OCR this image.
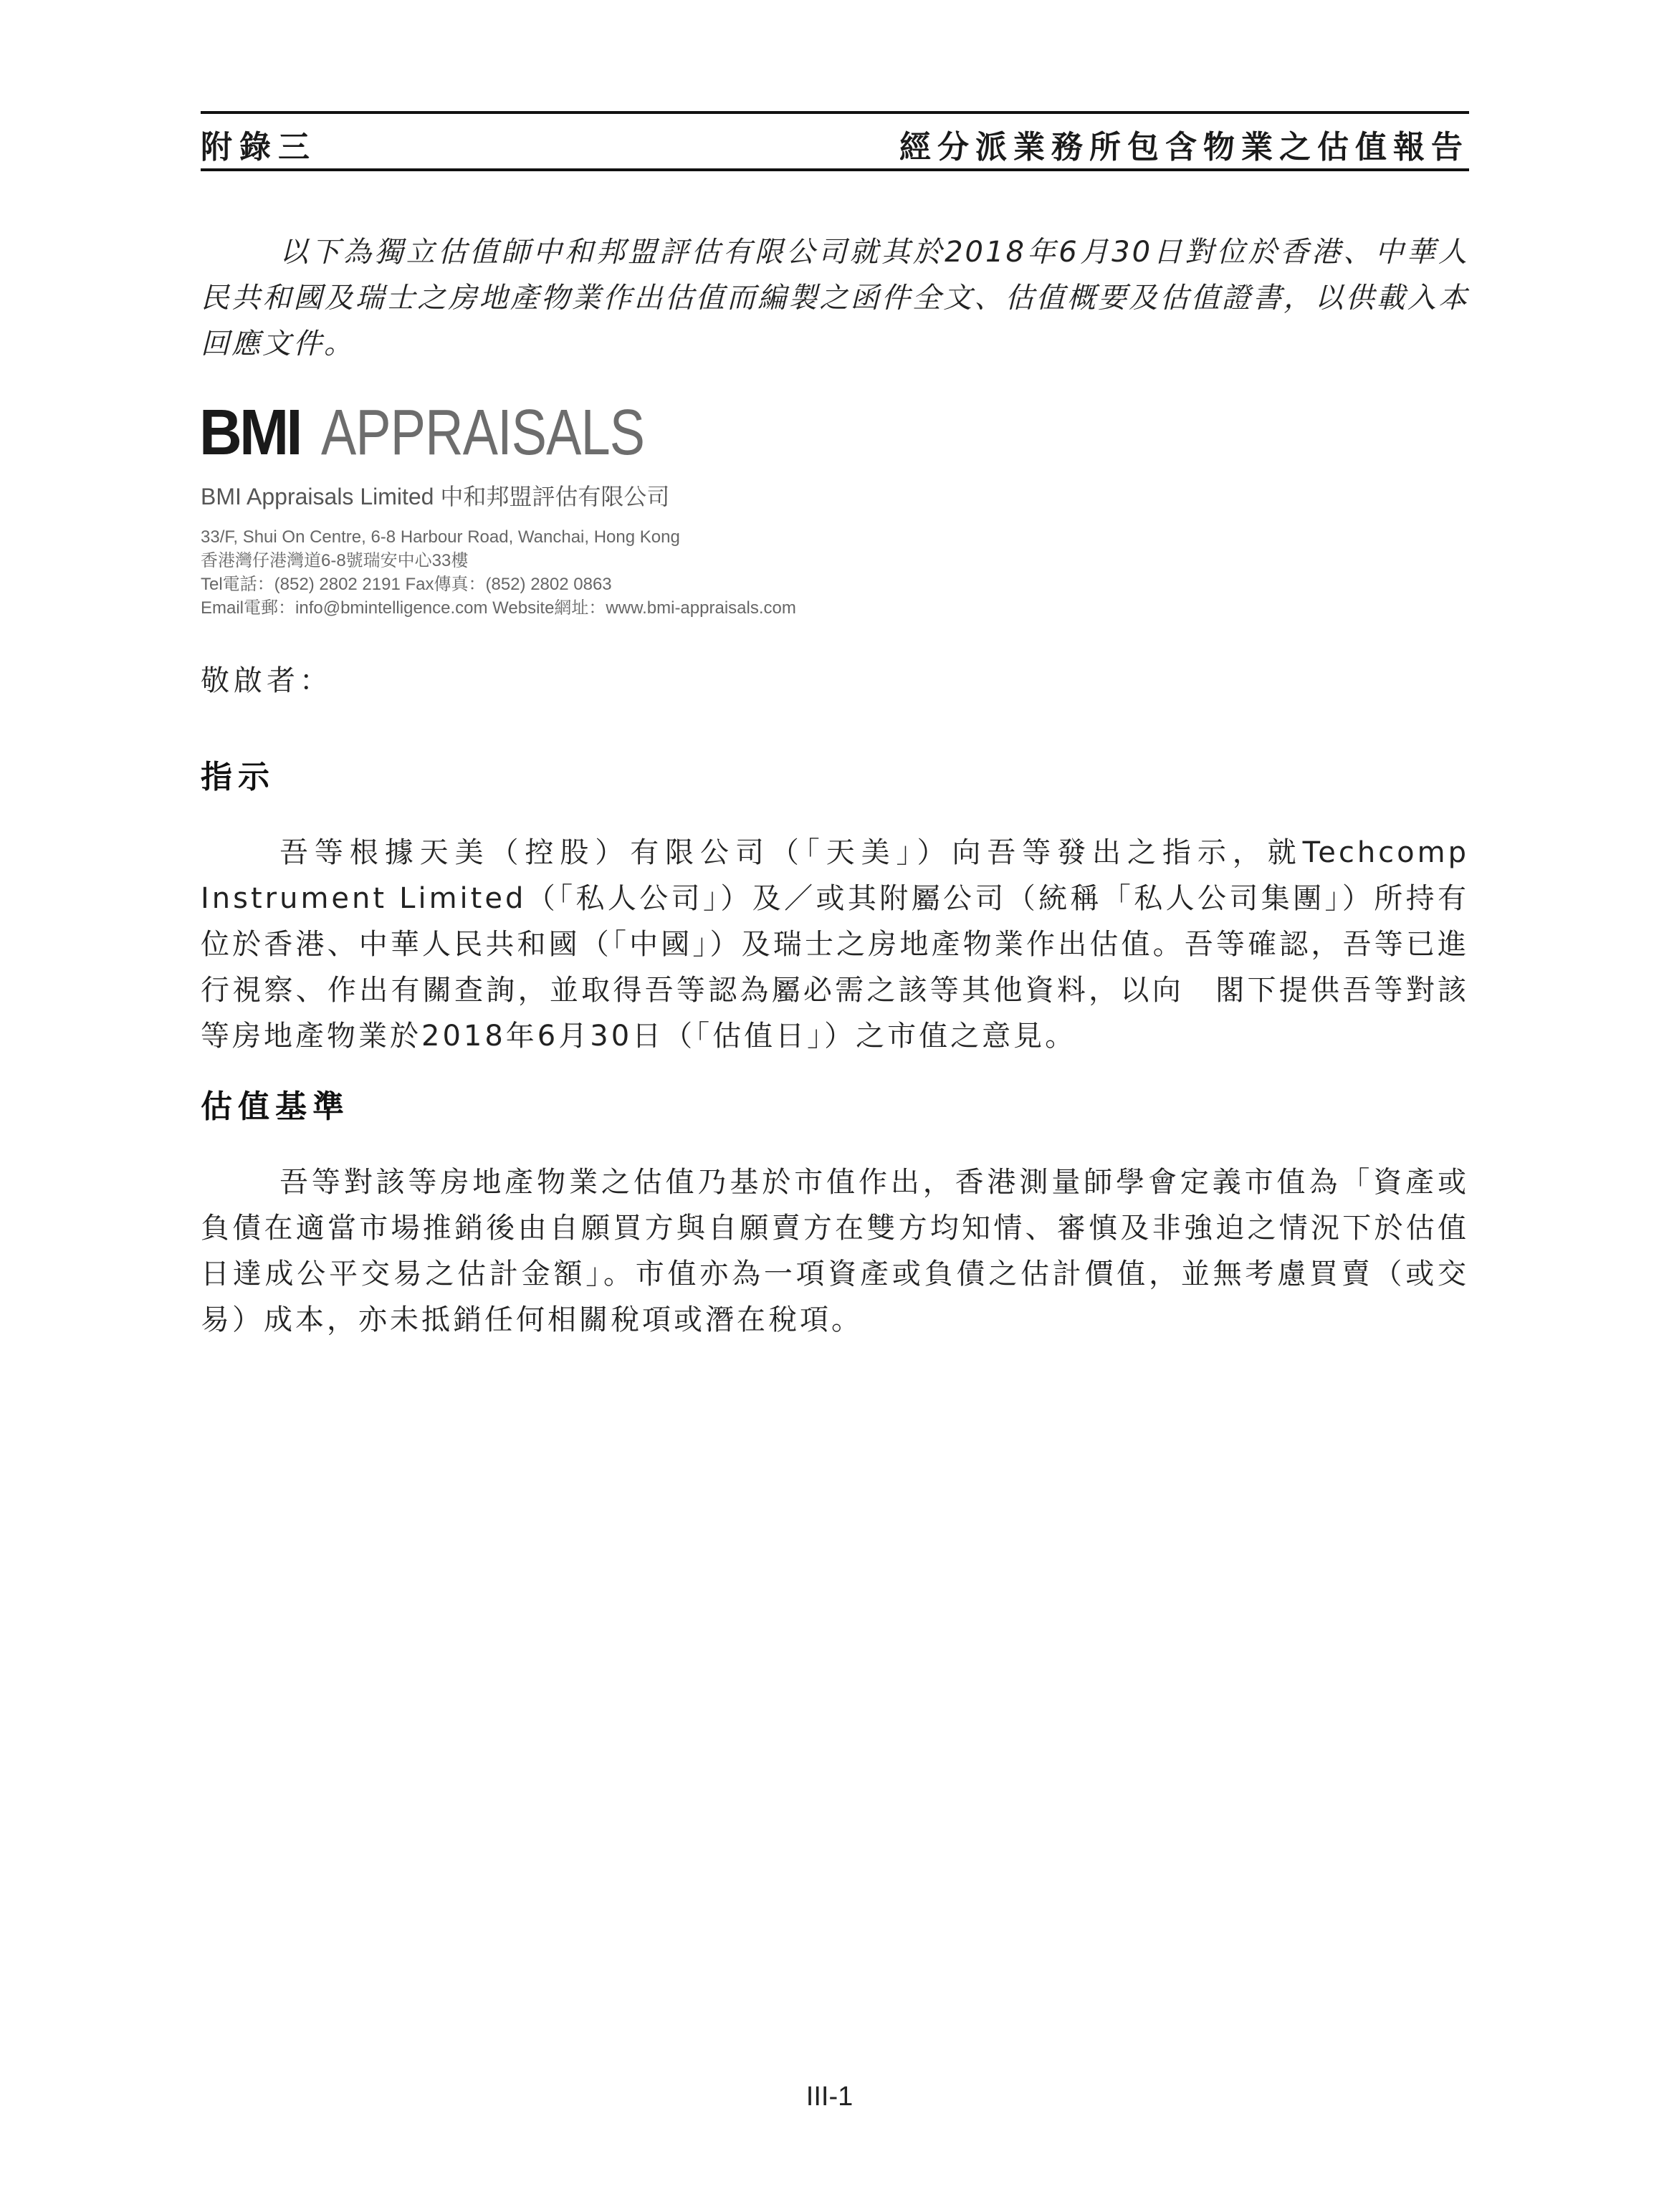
附錄三	經分派業務所包含物業之估值報告
以下為獨立估值師中和邦盟評估有限公司就其於2018年6月30日對位於香港、中華人民共和國及瑞士之房地產物業作出估值而編製之函件全文、估值概要及估值證書，以供載入本回應文件。
BMI APPRAISALS
BMI Appraisals Limited 中和邦盟評估有限公司
33/F, Shui On Centre, 6-8 Harbour Road, Wanchai, Hong Kong
香港灣仔港灣道6-8號瑞安中心33樓
Tel電話：(852) 2802 2191 Fax傳真：(852) 2802 0863
Email電郵：info@bmintelligence.com Website網址：www.bmi-appraisals.com
敬啟者：
指示
吾等根據天美（控股）有限公司（「天美」）向吾等發出之指示，就Techcomp Instrument Limited（「私人公司」）及／或其附屬公司（統稱「私人公司集團」）所持有位於香港、中華人民共和國（「中國」）及瑞士之房地產物業作出估值。吾等確認，吾等已進行視察、作出有關查詢，並取得吾等認為屬必需之該等其他資料，以向　閣下提供吾等對該等房地產物業於2018年6月30日（「估值日」）之市值之意見。
估值基準
吾等對該等房地產物業之估值乃基於市值作出，香港測量師學會定義市值為「資產或負債在適當市場推銷後由自願買方與自願賣方在雙方均知情、審慎及非強迫之情況下於估值日達成公平交易之估計金額」。市值亦為一項資產或負債之估計價值，並無考慮買賣（或交易）成本，亦未抵銷任何相關稅項或潛在稅項。
III-1
